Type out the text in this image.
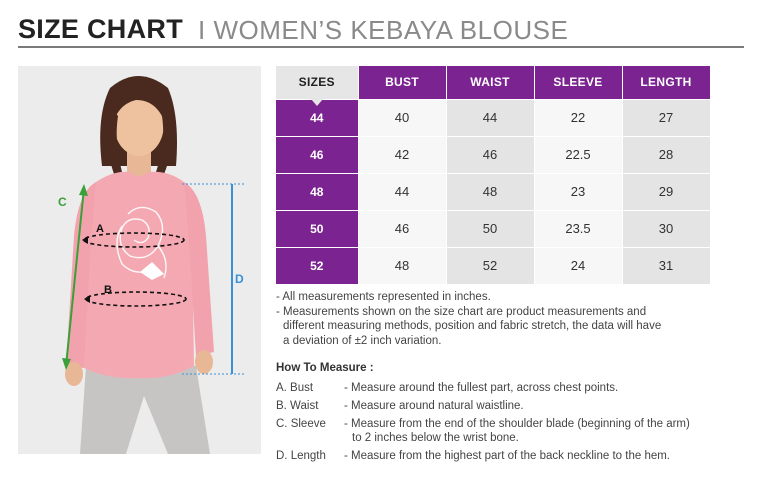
SIZE CHART I WOMEN’S KEBAYA BLOUSE
A
B
C
D
SIZES	BUST	WAIST	SLEEVE	LENGTH
44	40	44	22	27
46	42	46	22.5	28
48	44	48	23	29
50	46	50	23.5	30
52	48	52	24	31

- All measurements represented in inches.

- Measurements shown on the size chart are product measurements and

different measuring methods, position and fabric stretch, the data will have

a deviation of ±2 inch variation.

How To Measure :
A. Bust	- Measure around the fullest part, across chest points.
B. Waist	- Measure around natural waistline.
C. Sleeve	- Measure from the end of the shoulder blade (beginning of the arm)
to 2 inches below the wrist bone.
D. Length	- Measure from the highest part of the back neckline to the hem.
